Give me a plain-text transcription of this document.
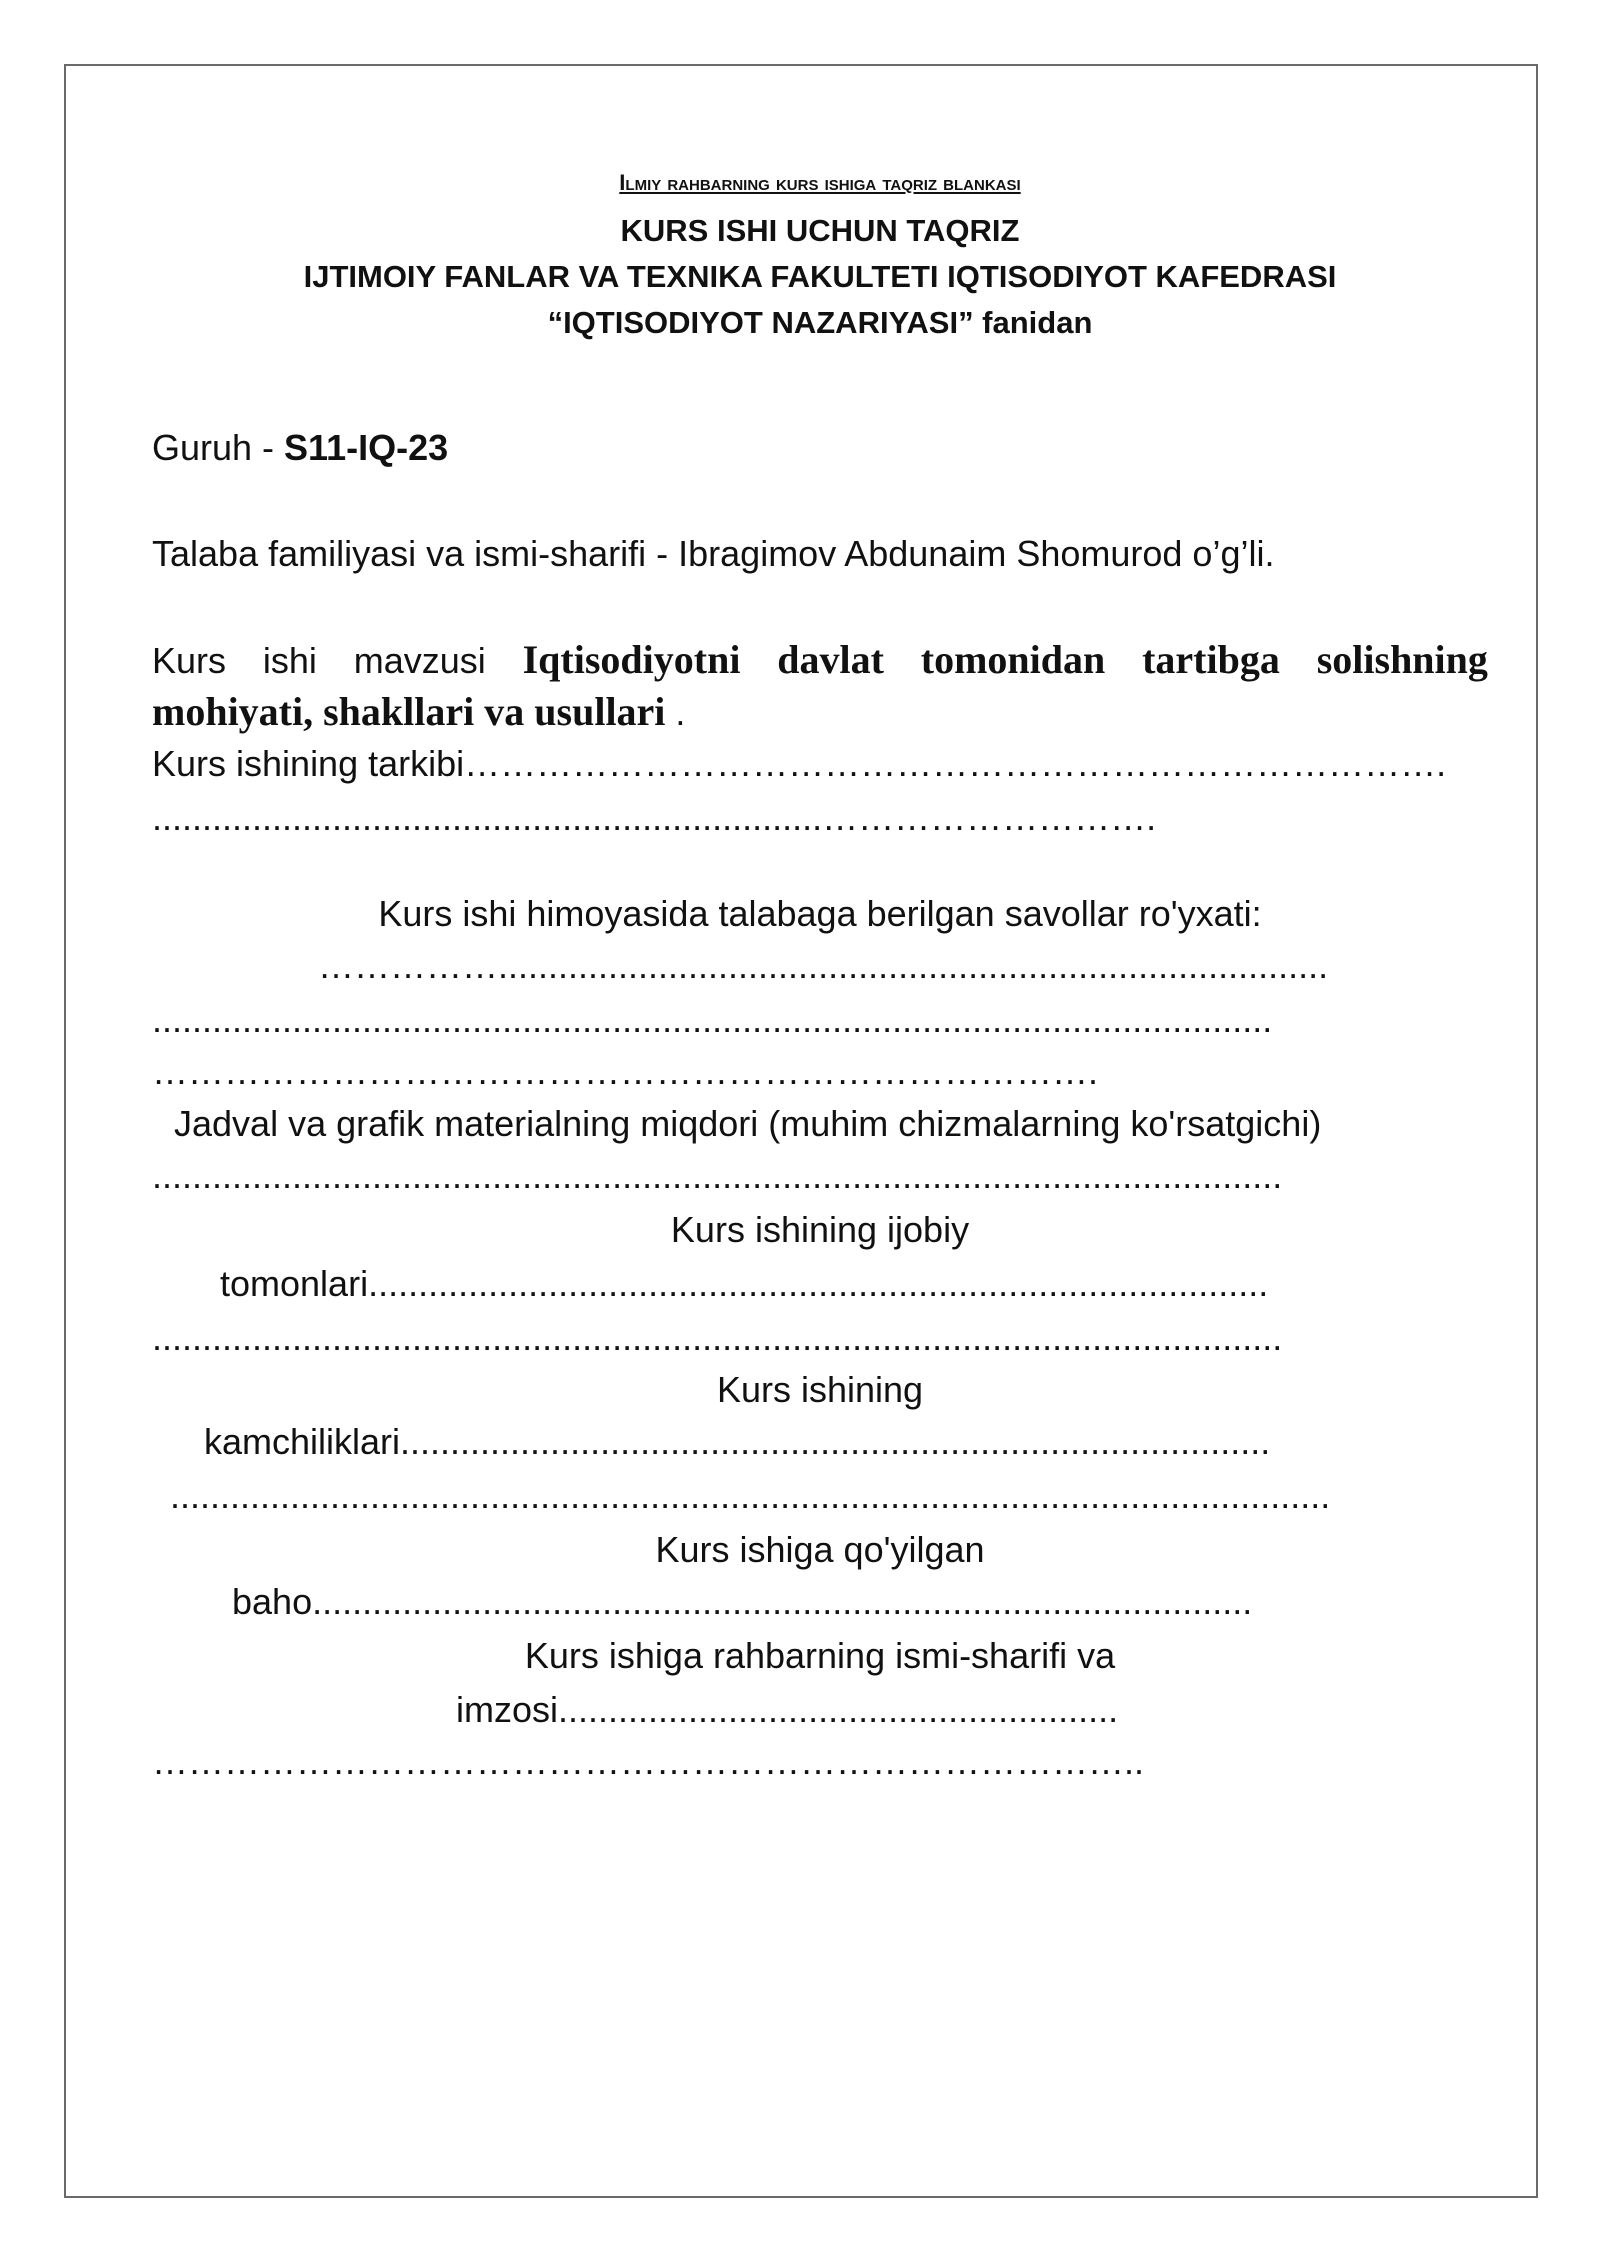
Ilmiy rahbarning kurs ishiga taqriz blankasi
KURS ISHI UCHUN TAQRIZ
IJTIMOIY FANLAR VA TEXNIKA FAKULTETI IQTISODIYOT KAFEDRASI
“IQTISODIYOT NAZARIYASI” fanidan
Guruh - S11-IQ-23
Talaba familiyasi va ismi-sharifi - Ibragimov Abdunaim Shomurod o’g’li.
Kurs ishi mavzusi Iqtisodiyotni davlat tomonidan tartibga solishning
mohiyati, shakllari va usullari .
Kurs ishining tarkibi……………………………………………………………………….
...................................................................……………………….
Kurs ishi himoyasida talabaga berilgan savollar ro'yxati:
……………...................................................................................
................................................................................................................
…………………………………………………………………….
Jadval va grafik materialning miqdori (muhim chizmalarning ko'rsatgichi)
.................................................................................................................
Kurs ishining ijobiy
tomonlari..........................................................................................
.................................................................................................................
Kurs ishining
kamchiliklari.......................................................................................
....................................................................................................................
Kurs ishiga qo'yilgan
baho..............................................................................................
Kurs ishiga rahbarning ismi-sharifi va
imzosi........................................................
………………………………………………………………………..
